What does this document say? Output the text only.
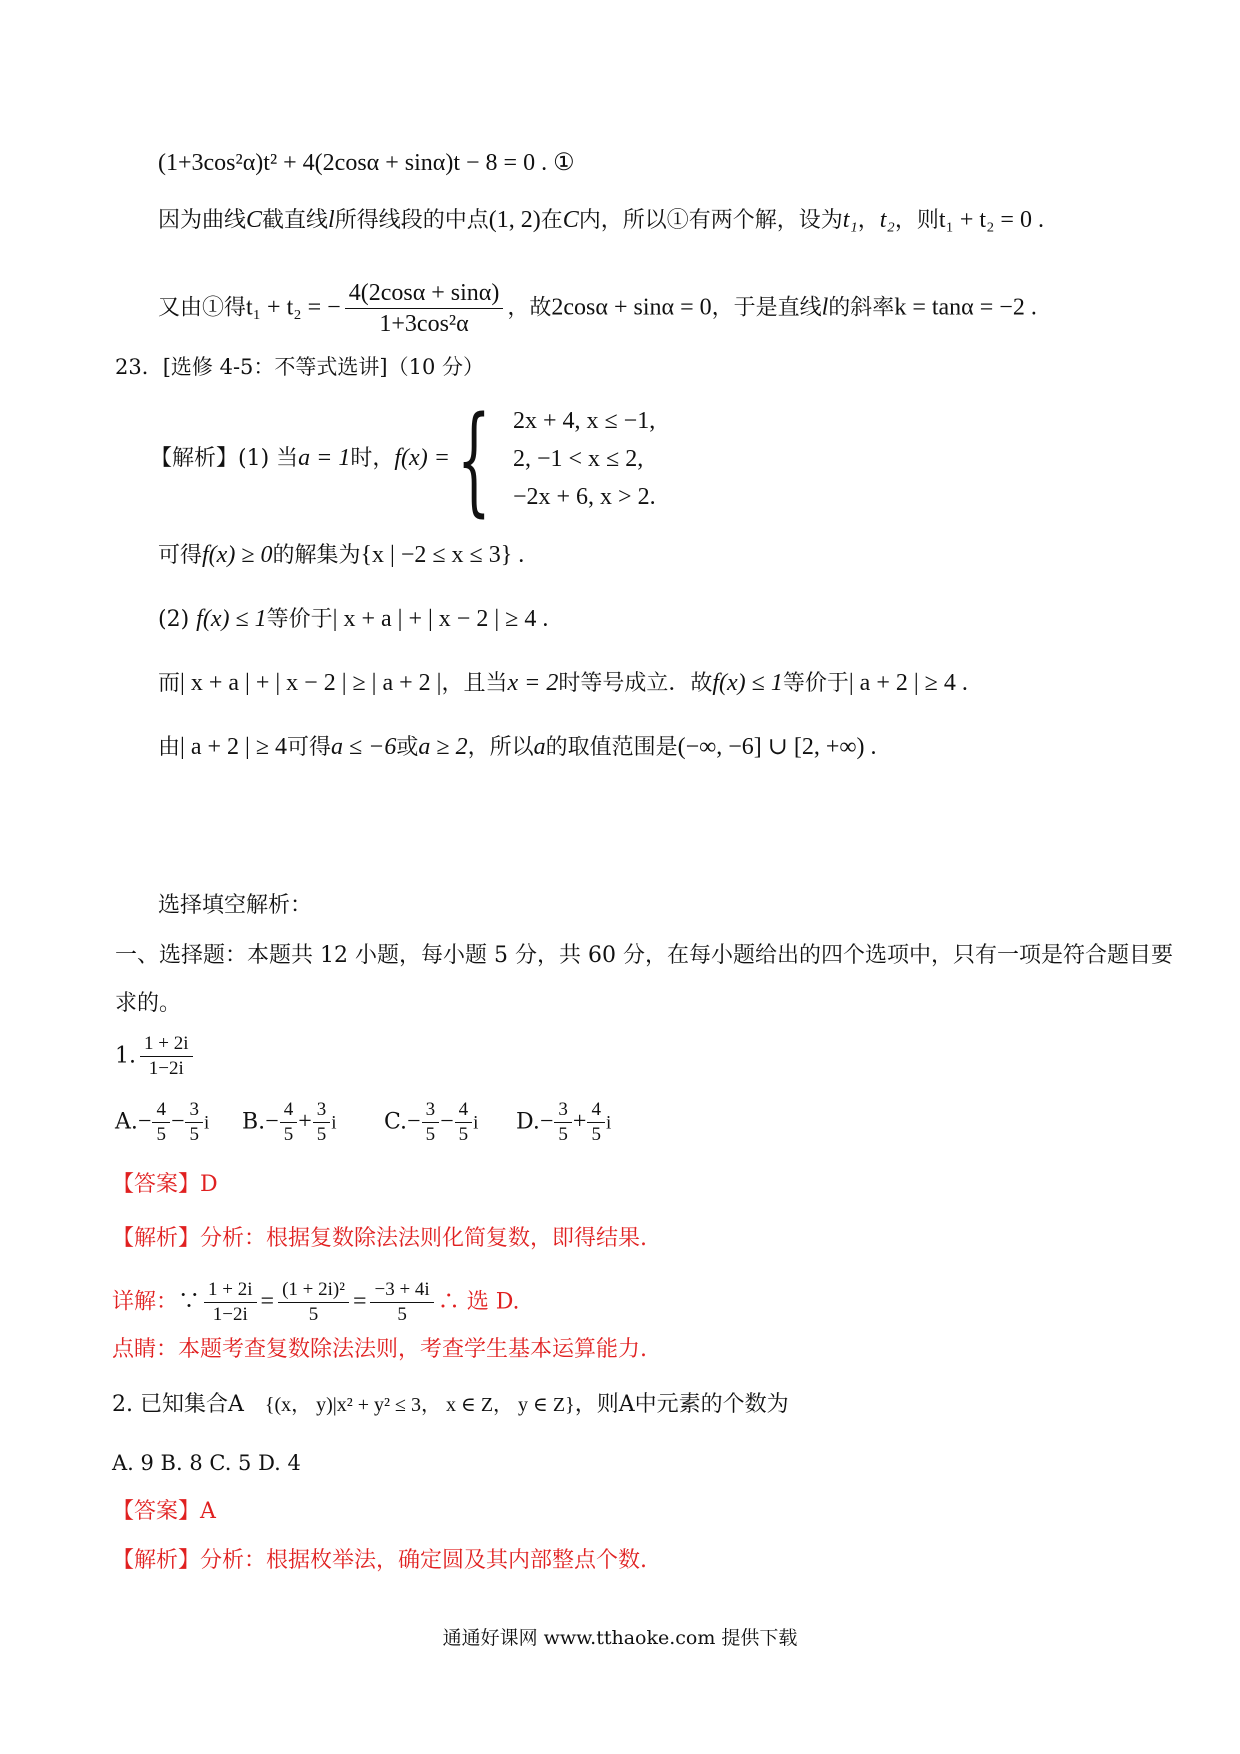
(1+3cos²α)t² + 4(2cosα + sinα)t − 8 = 0 . ①
因为曲线C截直线l所得线段的中点(1, 2)在C内，所以①有两个解，设为t₁，t₂，则t₁ + t₂ = 0 .
又由①得t₁ + t₂ = − $\frac{4(2\cos\alpha + \sin\alpha)}{\text{1+3cos²α}}$ ，故2cosα + sinα = 0，于是直线l的斜率k = tanα = −2 .
23．[选修 4-5：不等式选讲]（10 分）
【解析】(1) 当a = 1时，f(x) = { 2x + 4, x ≤ −1,
2, −1 < x ≤ 2,
−2x + 6, x > 2.
可得f(x) ≥ 0的解集为{x | −2 ≤ x ≤ 3} .
(2) f(x) ≤ 1等价于| x + a | + | x − 2 | ≥ 4 .
而| x + a | + | x − 2 | ≥ | a + 2 |，且当x = 2时等号成立．故f(x) ≤ 1等价于| a + 2 | ≥ 4 .
由| a + 2 | ≥ 4可得a ≤ −6或a ≥ 2，所以a的取值范围是(−∞, −6] ∪ [2, +∞) .
选择填空解析：
一、选择题：本题共 12 小题，每小题 5 分，共 60 分，在每小题给出的四个选项中，只有一项是符合题目要
求的。
1. $\frac{1 + 2i}{1-2i}$
$A.- \frac{4}{5} - \frac{3}{5}$ i $B.- \frac{4}{5} + \frac{3}{5}$ i $C.- \frac{3}{5} - \frac{4}{5}$ i $D.- \frac{3}{5} + \frac{4}{5}$ i
【答案】D
【解析】分析：根据复数除法法则化简复数，即得结果.
详解：∵ $\frac{1 + 2i}{1-2i} = \frac{\text{(1 + 2i)²}}{5} = \frac{-3 + 4i}{5}$ ∴ 选 D.
点睛：本题考查复数除法法则，考查学生基本运算能力.
2. 已知集合A {(x， y)|x² + y² ≤ 3， x ∈ Z， y ∈ Z}，则A中元素的个数为
A. 9 B. 8 C. 5 D. 4
【答案】A
【解析】分析：根据枚举法，确定圆及其内部整点个数.
通通好课网 www.tthaoke.com 提供下载
